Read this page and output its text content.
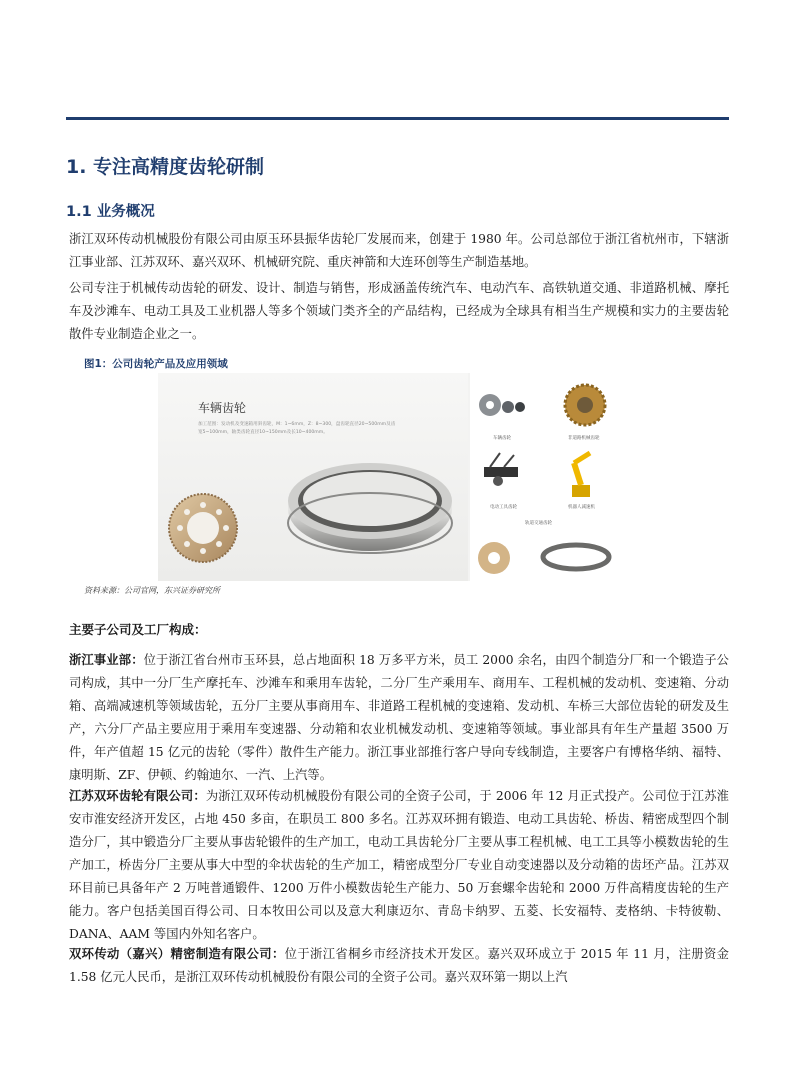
1. 专注高精度齿轮研制
1.1 业务概况

浙江双环传动机械股份有限公司由原玉环县振华齿轮厂发展而来，创建于 1980 年。公司总部位于浙江省杭州市，下辖浙江事业部、江苏双环、嘉兴双环、机械研究院、重庆神箭和大连环创等生产制造基地。

公司专注于机械传动齿轮的研发、设计、制造与销售，形成涵盖传统汽车、电动汽车、高铁轨道交通、非道路机械、摩托车及沙滩车、电动工具及工业机器人等多个领域门类齐全的产品结构，已经成为全球具有相当生产规模和实力的主要齿轮散件专业制造企业之一。

图1：公司齿轮产品及应用领域
车辆齿轮
加工范围：发动机及变速箱用斜齿轮，M：1~6mm，Z：8~300，盘齿轮直径20~500mm及齿宽5~100mm，轴类齿轮直径10~150mm及长10~400mm。
车辆齿轮	非道路机械齿轮
电动工具齿轮	机器人减速机
轨道交通齿轮
资料来源：公司官网，东兴证券研究所

主要子公司及工厂构成：

浙江事业部：位于浙江省台州市玉环县，总占地面积 18 万多平方米，员工 2000 余名，由四个制造分厂和一个锻造子公司构成，其中一分厂生产摩托车、沙滩车和乘用车齿轮，二分厂生产乘用车、商用车、工程机械的发动机、变速箱、分动箱、高端减速机等领域齿轮，五分厂主要从事商用车、非道路工程机械的变速箱、发动机、车桥三大部位齿轮的研发及生产，六分厂产品主要应用于乘用车变速器、分动箱和农业机械发动机、变速箱等领域。事业部具有年生产量超 3500 万件，年产值超 15 亿元的齿轮（零件）散件生产能力。浙江事业部推行客户导向专线制造，主要客户有博格华纳、福特、康明斯、ZF、伊顿、约翰迪尔、一汽、上汽等。

江苏双环齿轮有限公司：为浙江双环传动机械股份有限公司的全资子公司，于 2006 年 12 月正式投产。公司位于江苏淮安市淮安经济开发区，占地 450 多亩，在职员工 800 多名。江苏双环拥有锻造、电动工具齿轮、桥齿、精密成型四个制造分厂，其中锻造分厂主要从事齿轮锻件的生产加工，电动工具齿轮分厂主要从事工程机械、电工工具等小模数齿轮的生产加工，桥齿分厂主要从事大中型的伞状齿轮的生产加工，精密成型分厂专业自动变速器以及分动箱的齿坯产品。江苏双环目前已具备年产 2 万吨普通锻件、1200 万件小模数齿轮生产能力、50 万套螺伞齿轮和 2000 万件高精度齿轮的生产能力。客户包括美国百得公司、日本牧田公司以及意大利康迈尔、青岛卡纳罗、五菱、长安福特、麦格纳、卡特彼勒、DANA、AAM 等国内外知名客户。

双环传动（嘉兴）精密制造有限公司：位于浙江省桐乡市经济技术开发区。嘉兴双环成立于 2015 年 11 月，注册资金 1.58 亿元人民币，是浙江双环传动机械股份有限公司的全资子公司。嘉兴双环第一期以上汽
